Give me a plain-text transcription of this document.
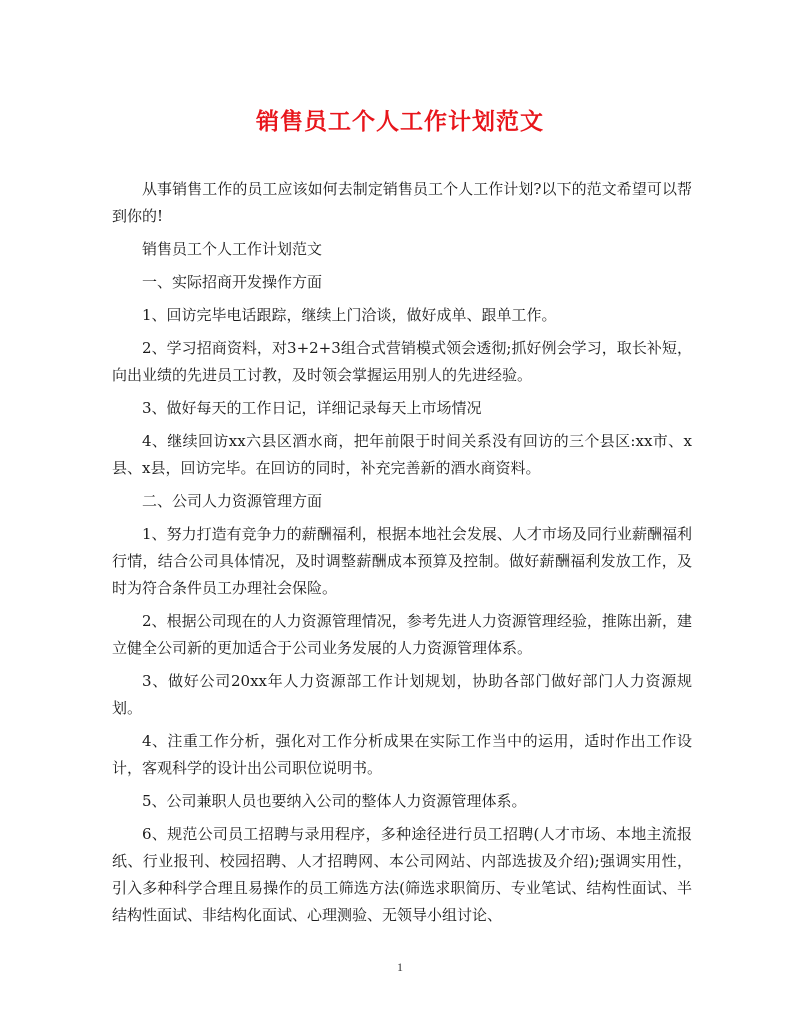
销售员工个人工作计划范文

从事销售工作的员工应该如何去制定销售员工个人工作计划?以下的范文希望可以帮到你的!

销售员工个人工作计划范文

一、实际招商开发操作方面

1、回访完毕电话跟踪，继续上门洽谈，做好成单、跟单工作。

2、学习招商资料，对3+2+3组合式营销模式领会透彻;抓好例会学习，取长补短，向出业绩的先进员工讨教，及时领会掌握运用别人的先进经验。

3、做好每天的工作日记，详细记录每天上市场情况

4、继续回访xx六县区酒水商，把年前限于时间关系没有回访的三个县区:xx市、x县、x县，回访完毕。在回访的同时，补充完善新的酒水商资料。

二、公司人力资源管理方面

1、努力打造有竞争力的薪酬福利，根据本地社会发展、人才市场及同行业薪酬福利行情，结合公司具体情况，及时调整薪酬成本预算及控制。做好薪酬福利发放工作，及时为符合条件员工办理社会保险。

2、根据公司现在的人力资源管理情况，参考先进人力资源管理经验，推陈出新，建立健全公司新的更加适合于公司业务发展的人力资源管理体系。

3、做好公司20xx年人力资源部工作计划规划，协助各部门做好部门人力资源规划。

4、注重工作分析，强化对工作分析成果在实际工作当中的运用，适时作出工作设计，客观科学的设计出公司职位说明书。

5、公司兼职人员也要纳入公司的整体人力资源管理体系。

6、规范公司员工招聘与录用程序，多种途径进行员工招聘(人才市场、本地主流报纸、行业报刊、校园招聘、人才招聘网、本公司网站、内部选拔及介绍);强调实用性，引入多种科学合理且易操作的员工筛选方法(筛选求职简历、专业笔试、结构性面试、半结构性面试、非结构化面试、心理测验、无领导小组讨论、

1
